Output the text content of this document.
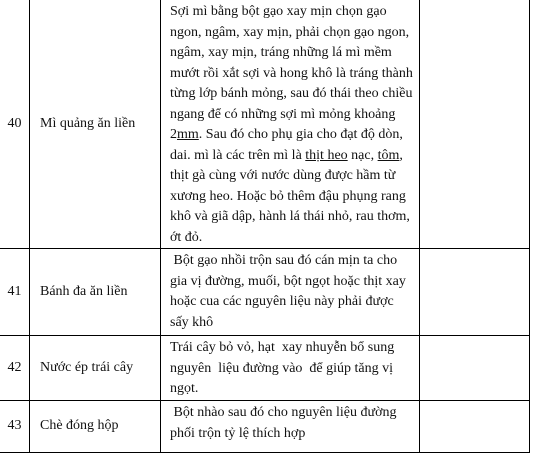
40	Mì quảng ăn liền	Sợi mì bằng bột gạo xay mịn chọn gạo ngon, ngâm, xay mịn, phải chọn gạo ngon, ngâm, xay mịn, tráng những lá mì mềm mướt rồi xắt sợi và hong khô là tráng thành từng lớp bánh mỏng, sau đó thái theo chiều ngang để có những sợi mì mỏng khoảng 2mm. Sau đó cho phụ gia cho đạt độ dòn, dai. mì là các trên mì là thịt heo nạc, tôm, thịt gà cùng với nước dùng được hầm từ xương heo. Hoặc bỏ thêm đậu phụng rang khô và giã dập, hành lá thái nhỏ, rau thơm, ớt đỏ.	
41	Bánh đa ăn liền	Bột gạo nhồi trộn sau đó cán mịn ta cho gia vị đường, muối, bột ngọt hoặc thịt xay hoặc cua các nguyên liệu này phải được sấy khô	
42	Nước ép trái cây	Trái cây bỏ vỏ, hạt  xay nhuyễn bổ sung nguyên  liệu đường vào  để giúp tăng vị ngọt.	
43	Chè đóng hộp	Bột nhào sau đó cho nguyên liệu đường phối trộn tỷ lệ thích hợp	
